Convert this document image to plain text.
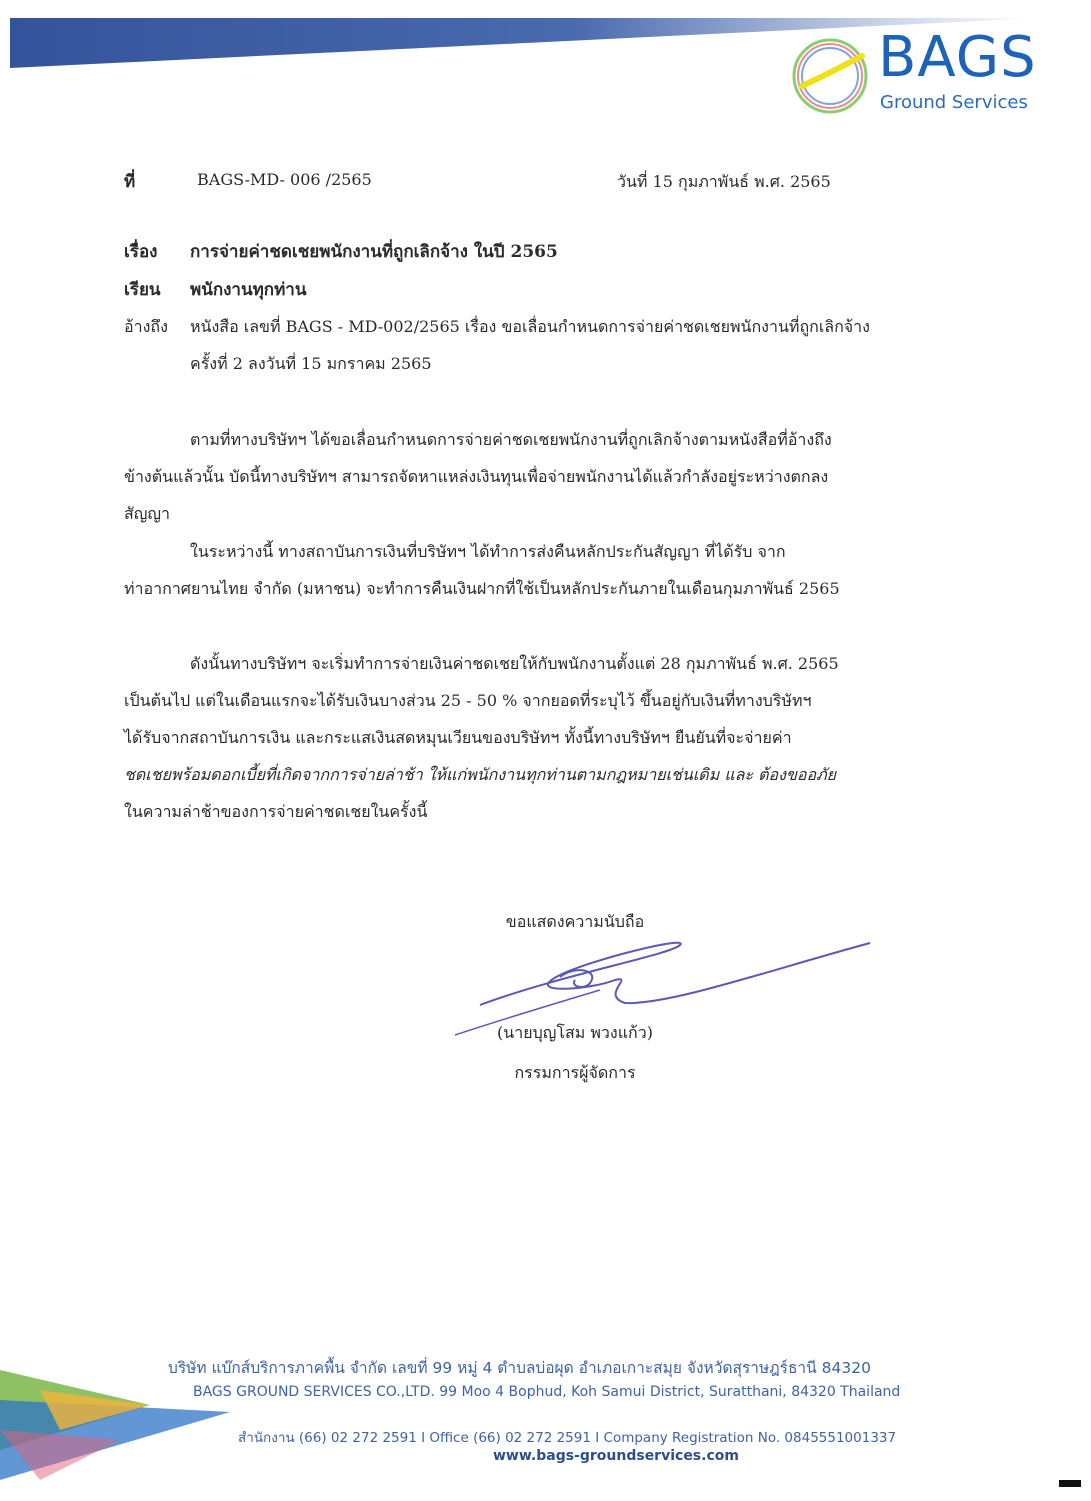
BAGS
Ground Services
ที่	BAGS-MD- 006 /2565	วันที่ 15 กุมภาพันธ์ พ.ศ. 2565
เรื่อง การจ่ายค่าชดเชยพนักงานที่ถูกเลิกจ้าง ในปี 2565
เรียน พนักงานทุกท่าน
อ้างถึง หนังสือ เลขที่ BAGS - MD-002/2565 เรื่อง ขอเลื่อนกำหนดการจ่ายค่าชดเชยพนักงานที่ถูกเลิกจ้าง
ครั้งที่ 2 ลงวันที่ 15 มกราคม 2565

ตามที่ทางบริษัทฯ ได้ขอเลื่อนกำหนดการจ่ายค่าชดเชยพนักงานที่ถูกเลิกจ้างตามหนังสือที่อ้างถึง

ข้างต้นแล้วนั้น บัดนี้ทางบริษัทฯ สามารถจัดหาแหล่งเงินทุนเพื่อจ่ายพนักงานได้แล้วกำลังอยู่ระหว่างตกลง

สัญญา

ในระหว่างนี้ ทางสถาบันการเงินที่บริษัทฯ ได้ทำการส่งคืนหลักประกันสัญญา ที่ได้รับ จาก

ท่าอากาศยานไทย จำกัด (มหาชน) จะทำการคืนเงินฝากที่ใช้เป็นหลักประกันภายในเดือนกุมภาพันธ์ 2565

ดังนั้นทางบริษัทฯ จะเริ่มทำการจ่ายเงินค่าชดเชยให้กับพนักงานตั้งแต่ 28 กุมภาพันธ์ พ.ศ. 2565

เป็นต้นไป แต่ในเดือนแรกจะได้รับเงินบางส่วน 25 - 50 % จากยอดที่ระบุไว้ ขึ้นอยู่กับเงินที่ทางบริษัทฯ

ได้รับจากสถาบันการเงิน และกระแสเงินสดหมุนเวียนของบริษัทฯ ทั้งนี้ทางบริษัทฯ ยืนยันที่จะจ่ายค่า

ชดเชยพร้อมดอกเบี้ยที่เกิดจากการจ่ายล่าช้า ให้แก่พนักงานทุกท่านตามกฎหมายเช่นเดิม และ ต้องขออภัย

ในความล่าช้าของการจ่ายค่าชดเชยในครั้งนี้

ขอแสดงความนับถือ
(นายบุญโสม พวงแก้ว)
กรรมการผู้จัดการ
บริษัท แบ๊กส์บริการภาคพื้น จำกัด เลขที่ 99 หมู่ 4 ตำบลบ่อผุด อำเภอเกาะสมุย จังหวัดสุราษฎร์ธานี 84320
BAGS GROUND SERVICES CO.,LTD. 99 Moo 4 Bophud, Koh Samui District, Suratthani, 84320 Thailand
สำนักงาน (66) 02 272 2591 I Office (66) 02 272 2591 I Company Registration No. 0845551001337
www.bags-groundservices.com
